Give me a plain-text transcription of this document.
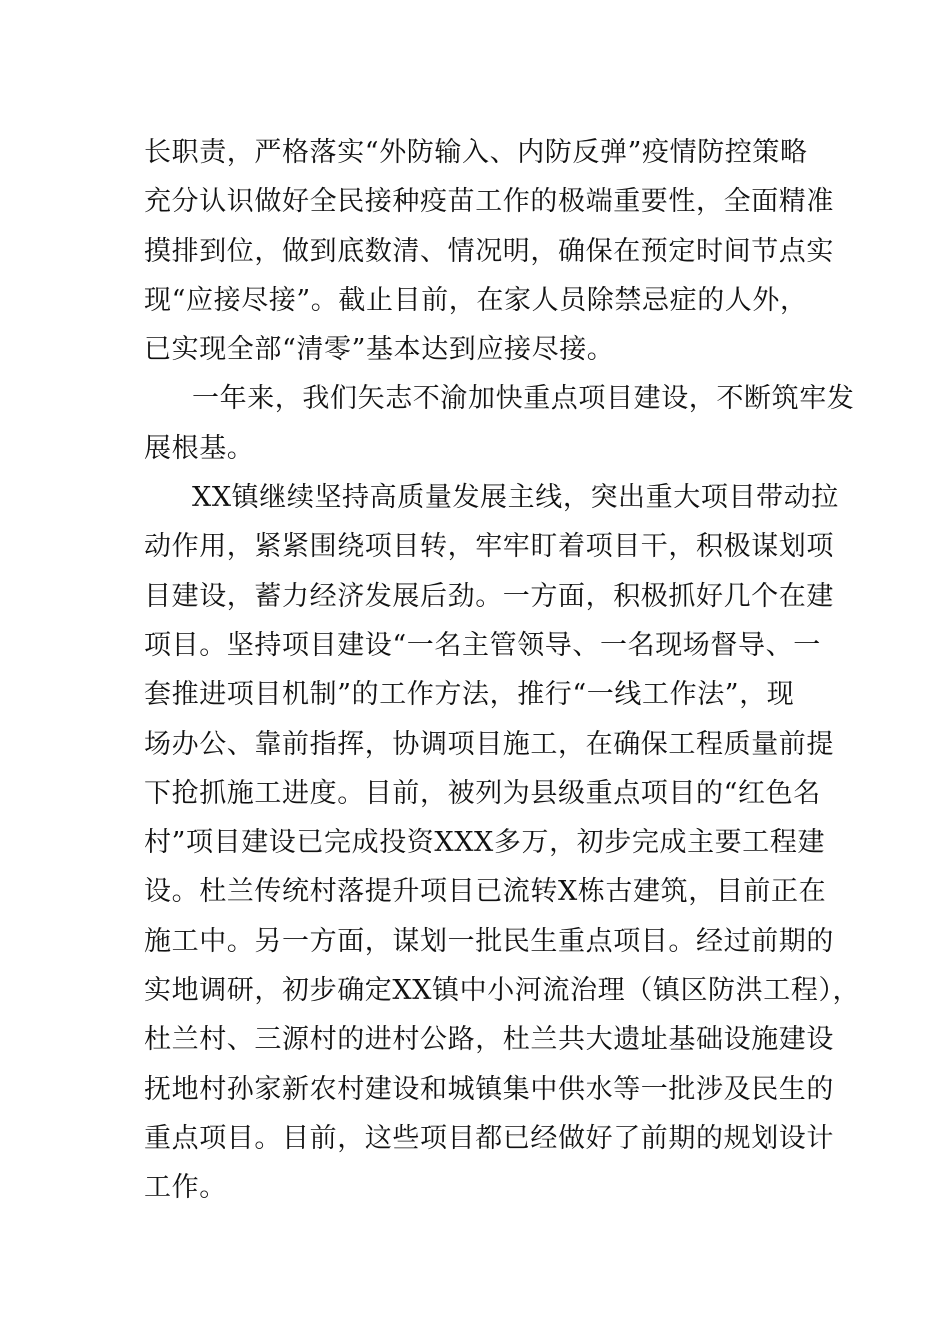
长职责，严格落实“外防输入、内防反弹”疫情防控策略
充分认识做好全民接种疫苗工作的极端重要性，全面精准
摸排到位，做到底数清、情况明，确保在预定时间节点实
现“应接尽接”。截止目前，在家人员除禁忌症的人外，
已实现全部“清零”基本达到应接尽接。
一年来，我们矢志不渝加快重点项目建设，不断筑牢发
展根基。
XX镇继续坚持高质量发展主线，突出重大项目带动拉
动作用，紧紧围绕项目转，牢牢盯着项目干，积极谋划项
目建设，蓄力经济发展后劲。一方面，积极抓好几个在建
项目。坚持项目建设“一名主管领导、一名现场督导、一
套推进项目机制”的工作方法，推行“一线工作法”，现
场办公、靠前指挥，协调项目施工，在确保工程质量前提
下抢抓施工进度。目前，被列为县级重点项目的“红色名
村”项目建设已完成投资XXX多万，初步完成主要工程建
设。杜兰传统村落提升项目已流转X栋古建筑，目前正在
施工中。另一方面，谋划一批民生重点项目。经过前期的
实地调研，初步确定XX镇中小河流治理（镇区防洪工程），
杜兰村、三源村的进村公路，杜兰共大遗址基础设施建设
抚地村孙家新农村建设和城镇集中供水等一批涉及民生的
重点项目。目前，这些项目都已经做好了前期的规划设计
工作。
